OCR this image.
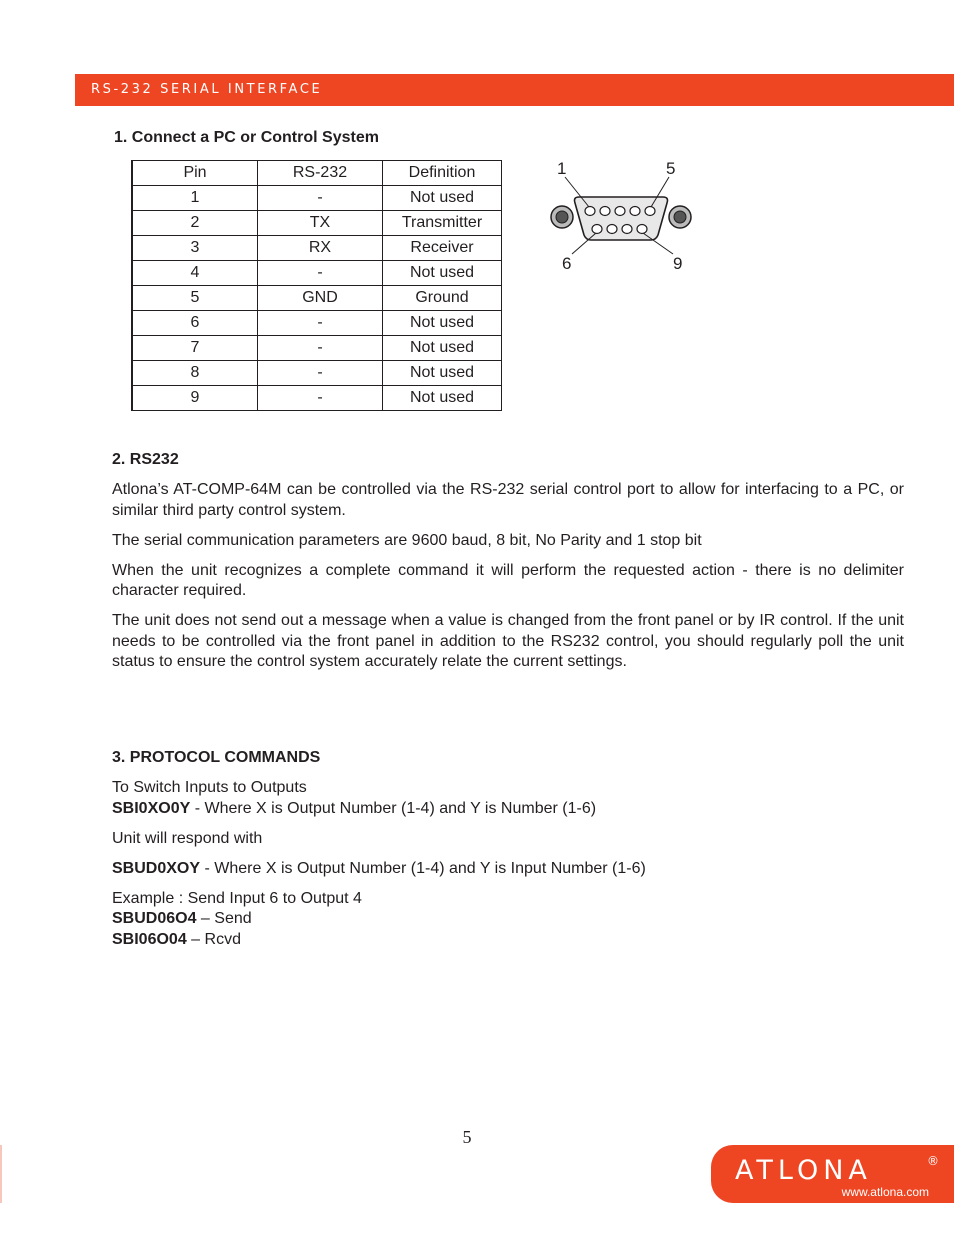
RS-232 SERIAL INTERFACE
1. Connect a PC or Control System
Pin	RS-232	Definition
1	-	Not used
2	TX	Transmitter
3	RX	Receiver
4	-	Not used
5	GND	Ground
6	-	Not used
7	-	Not used
8	-	Not used
9	-	Not used
1	5
6	9
2. RS232

Atlona’s AT-COMP-64M can be controlled via the RS-232 serial control port to allow for interfacing to a PC, or similar third party control system.

The serial communication parameters are 9600 baud, 8 bit, No Parity and 1 stop bit

When the unit recognizes a complete command it will perform the requested action - there is no delimiter character required.

The unit does not send out a message when a value is changed from the front panel or by IR control. If the unit needs to be controlled via the front panel in addition to the RS232 control, you should regularly poll the unit status to ensure the control system accurately relate the current settings.

3. PROTOCOL COMMANDS

To Switch Inputs to Outputs
SBI0XO0Y - Where X is Output Number (1-4) and Y is Number (1-6)

Unit will respond with

SBUD0XOY - Where X is Output Number (1-4) and Y is Input Number (1-6)

Example : Send Input 6 to Output 4
SBUD06O4 – Send
SBI06O04 – Rcvd

5
ATLONA	®
www.atlona.com
